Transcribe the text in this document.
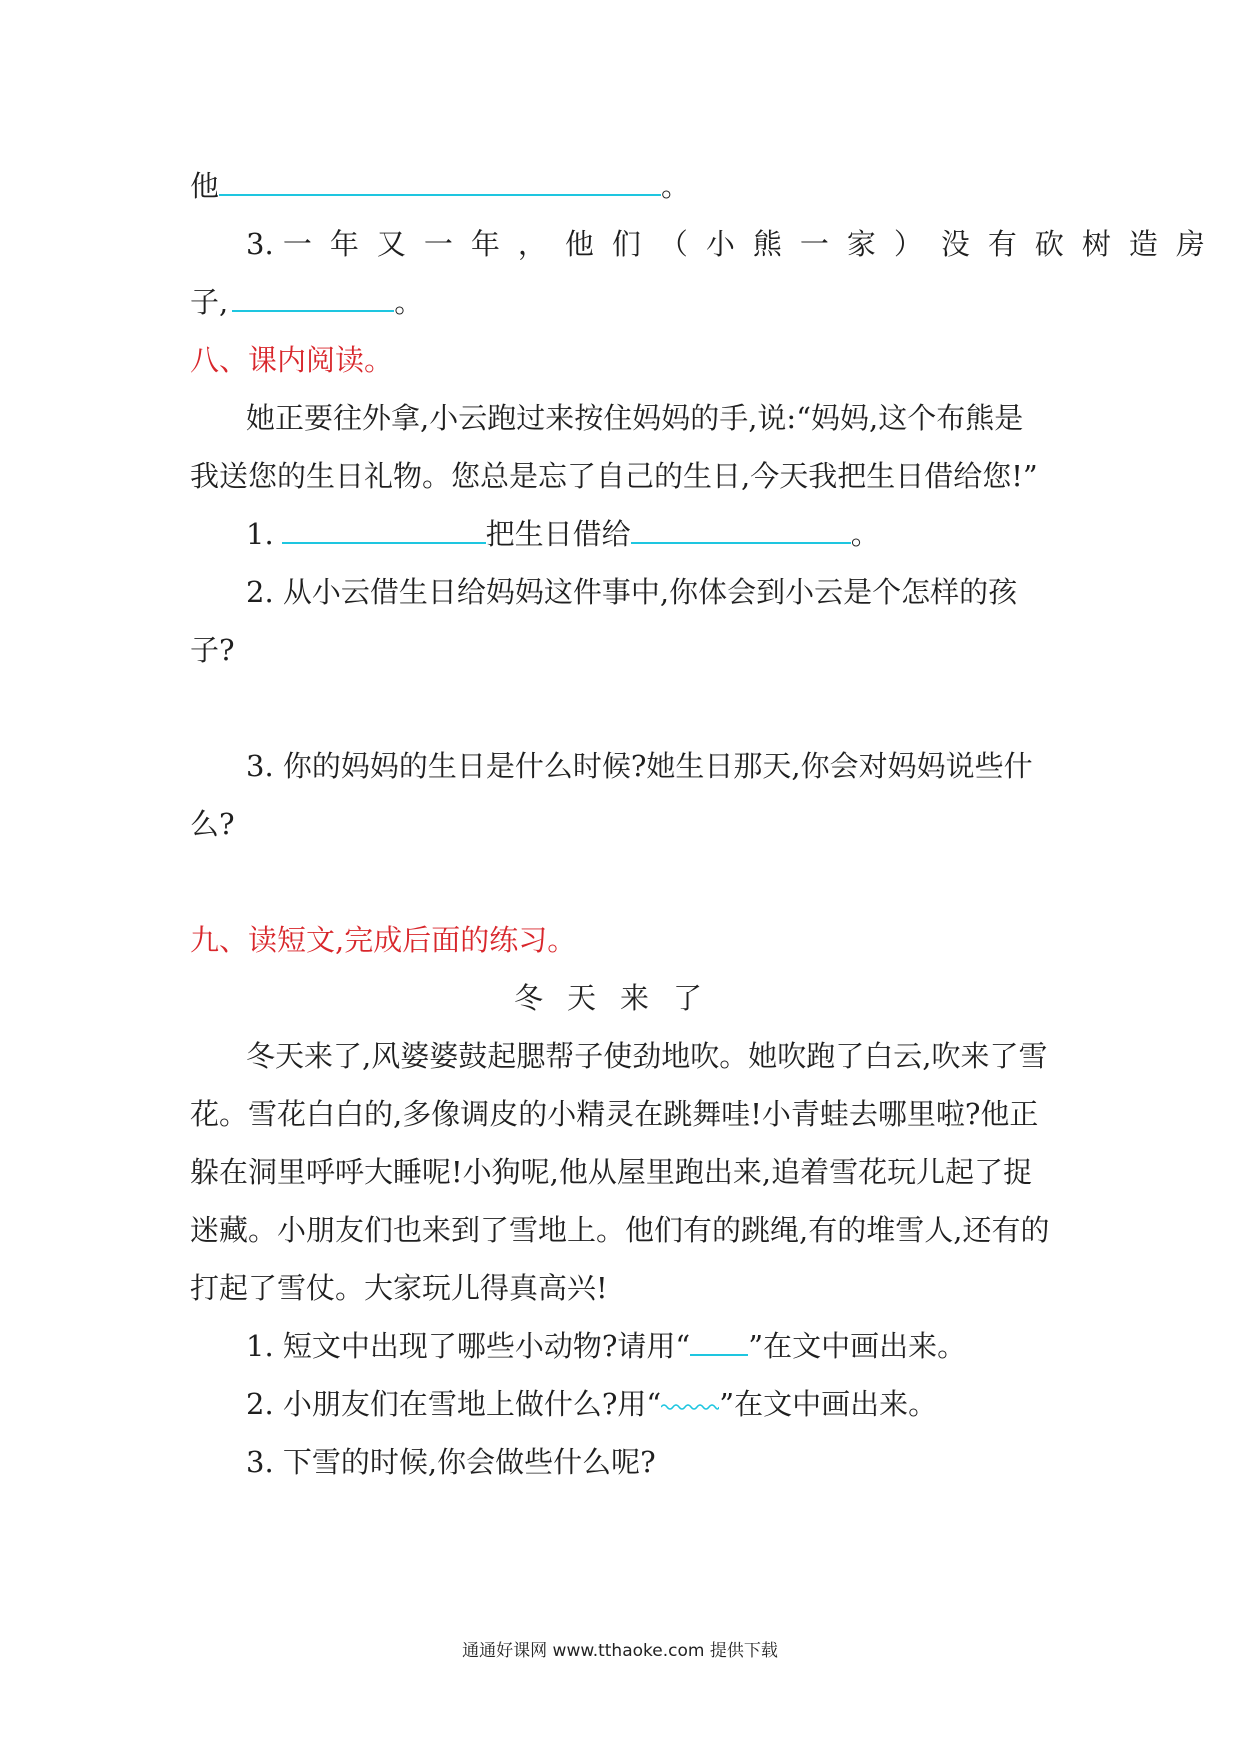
他	。
3. 一年又一年，他们（小熊一家）没有砍树造房
子,	。
八、课内阅读。
她正要往外拿,小云跑过来按住妈妈的手,说:“妈妈,这个布熊是
我送您的生日礼物。您总是忘了自己的生日,今天我把生日借给您!”
1.	把生日借给	。
2. 从小云借生日给妈妈这件事中,你体会到小云是个怎样的孩
子?
3. 你的妈妈的生日是什么时候?她生日那天,你会对妈妈说些什
么?
九、读短文,完成后面的练习。
冬天来了
冬天来了,风婆婆鼓起腮帮子使劲地吹。她吹跑了白云,吹来了雪
花。雪花白白的,多像调皮的小精灵在跳舞哇!小青蛙去哪里啦?他正
躲在洞里呼呼大睡呢!小狗呢,他从屋里跑出来,追着雪花玩儿起了捉
迷藏。小朋友们也来到了雪地上。他们有的跳绳,有的堆雪人,还有的
打起了雪仗。大家玩儿得真高兴!
1. 短文中出现了哪些小动物?请用“ ”在文中画出来。
2. 小朋友们在雪地上做什么?用“ ”在文中画出来。
3. 下雪的时候,你会做些什么呢?
通通好课网 www.tthaoke.com 提供下载
